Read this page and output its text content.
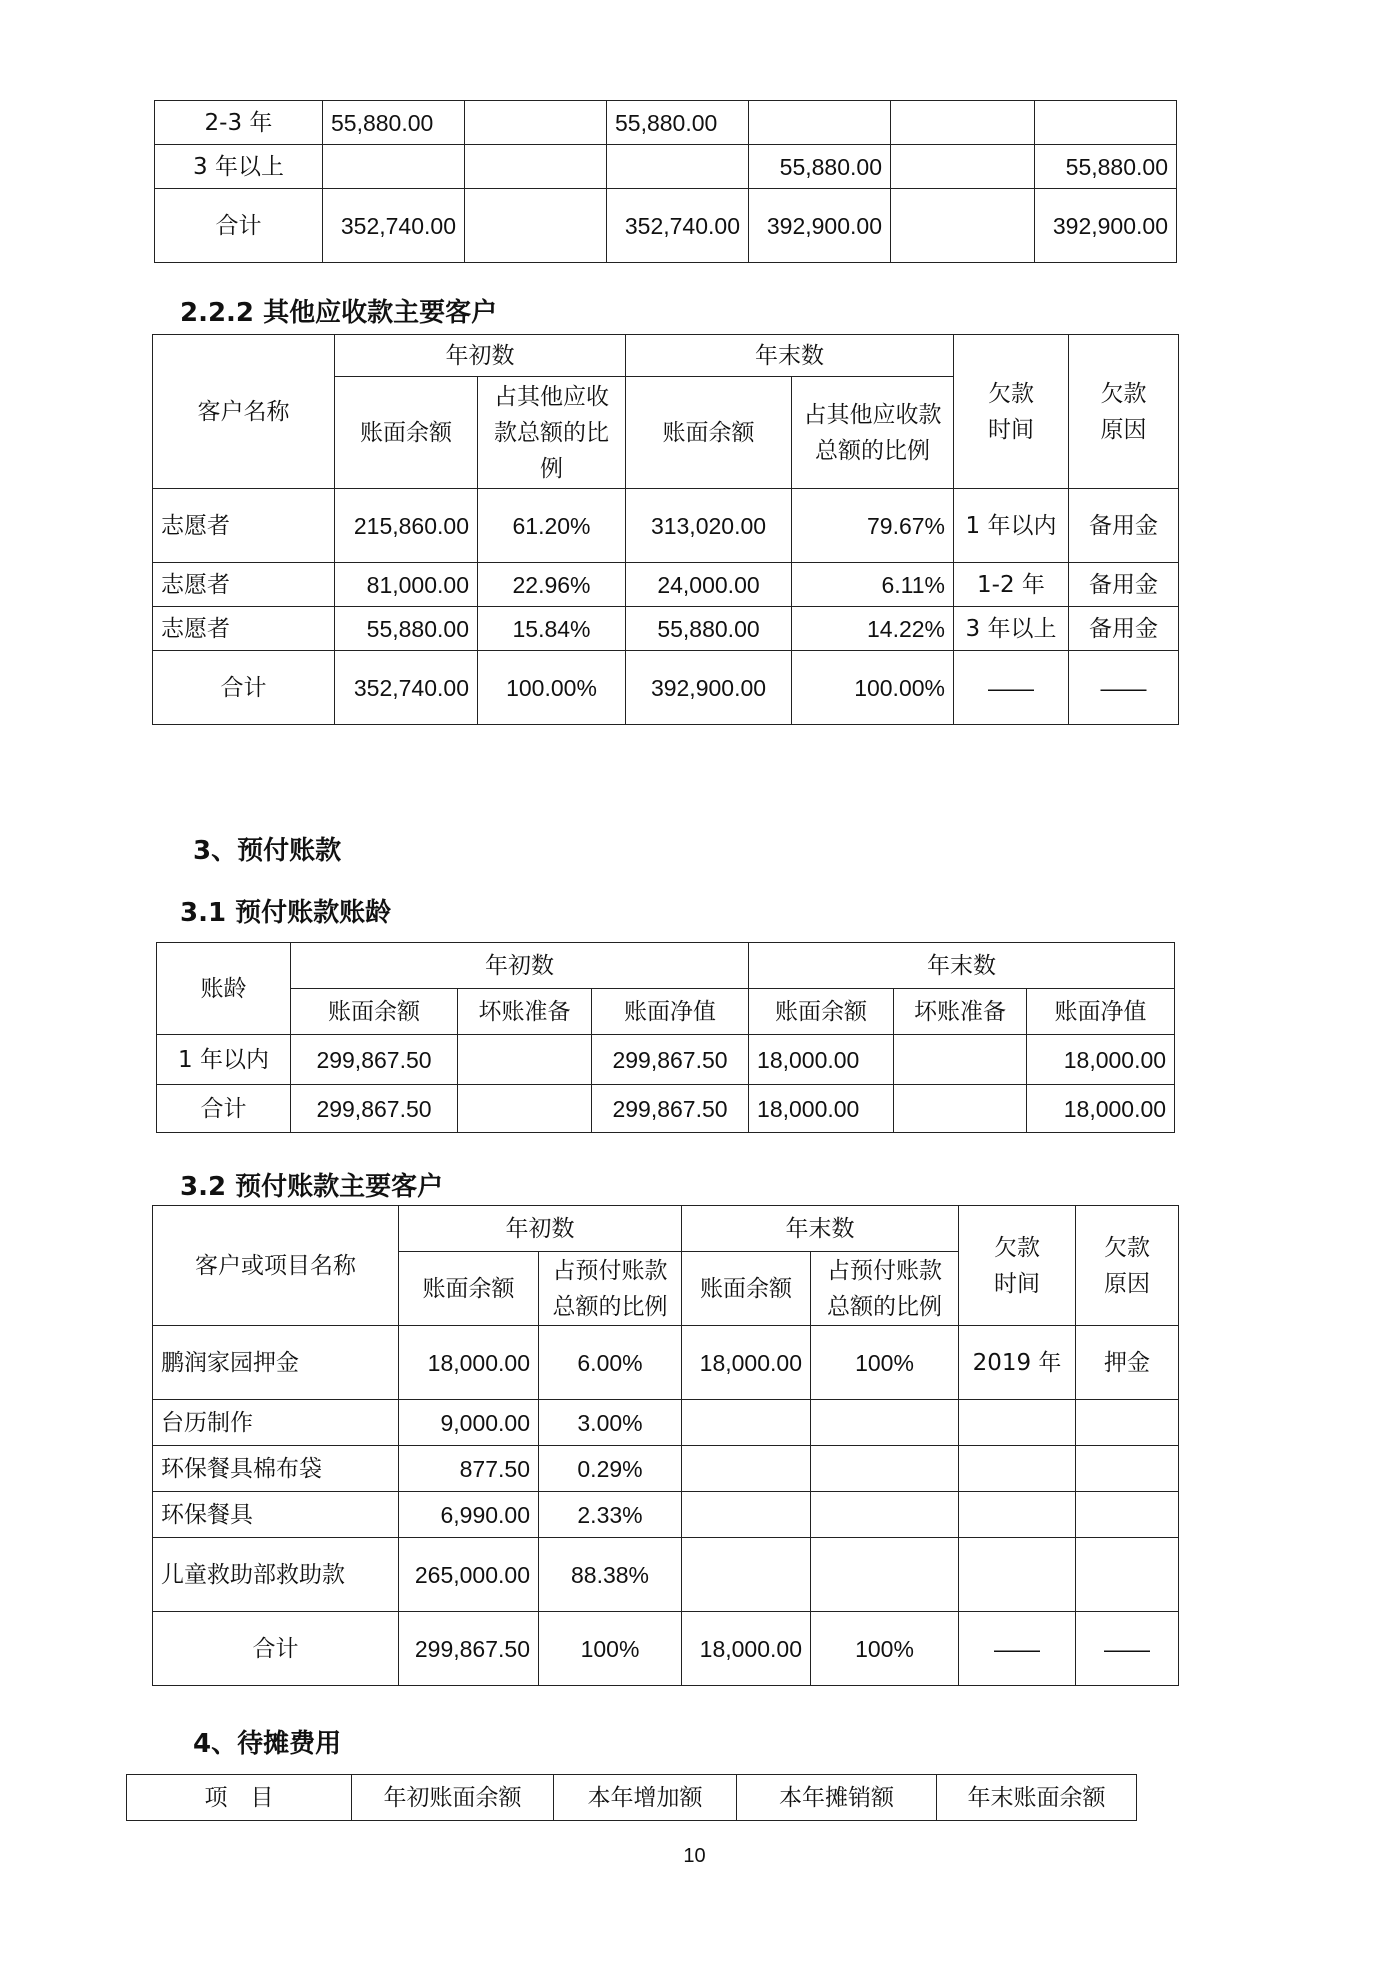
2-3 年	55,880.00		55,880.00			
3 年以上				55,880.00		55,880.00
合计	352,740.00		352,740.00	392,900.00		392,900.00
2.2.2 其他应收款主要客户
客户名称	年初数		年末数		欠款时间	欠款原因
	账面余额	占其他应收款总额的比例	账面余额	占其他应收款总额的比例		
志愿者	215,860.00	61.20%	313,020.00	79.67%	1 年以内	备用金
志愿者	81,000.00	22.96%	24,000.00	6.11%	1-2 年	备用金
志愿者	55,880.00	15.84%	55,880.00	14.22%	3 年以上	备用金
合计	352,740.00	100.00%	392,900.00	100.00%	——	——
3、预付账款
3.1 预付账款账龄
账龄	年初数			年末数		
	账面余额	坏账准备	账面净值	账面余额	坏账准备	账面净值
1 年以内	299,867.50		299,867.50	18,000.00		18,000.00
合计	299,867.50		299,867.50	18,000.00		18,000.00
3.2 预付账款主要客户
客户或项目名称	年初数		年末数		欠款时间	欠款原因
	账面余额	占预付账款总额的比例	账面余额	占预付账款总额的比例		
鹏润家园押金	18,000.00	6.00%	18,000.00	100%	2019 年	押金
台历制作	9,000.00	3.00%				
环保餐具棉布袋	877.50	0.29%				
环保餐具	6,990.00	2.33%				
儿童救助部救助款	265,000.00	88.38%				
合计	299,867.50	100%	18,000.00	100%	——	——
4、待摊费用
项　目	年初账面余额	本年增加额	本年摊销额	年末账面余额
10
